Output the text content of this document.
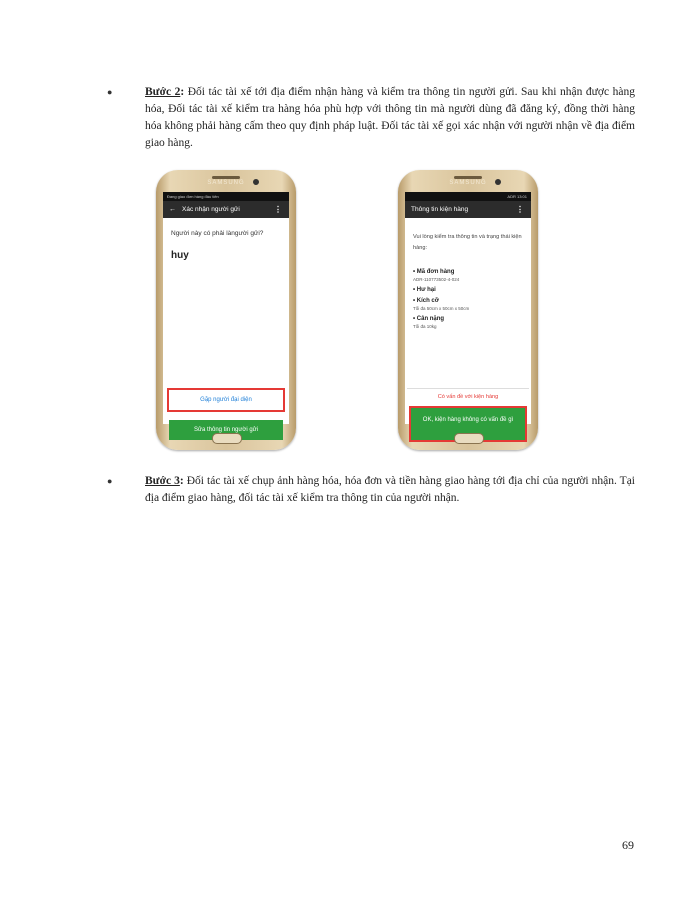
●	Bước 2: Đối tác tài xế tới địa điểm nhận hàng và kiểm tra thông tin người gửi. Sau khi nhận được hàng hóa, Đối tác tài xế kiểm tra hàng hóa phù hợp với thông tin mà người dùng đã đăng ký, đồng thời hàng hóa không phải hàng cấm theo quy định pháp luật. Đối tác tài xế gọi xác nhận với người nhận về địa điểm giao hàng.
SAMSUNG
Đang giao đơn hàng đầu tiên
← Xác nhận người gửi	⋮
Người này có phải làngười gửi?
huy
Gặp người đại diện
Sửa thông tin người gửi
SAMSUNG
ADR 13:01
Thông tin kiện hàng	⋮
Vui lòng kiểm tra thông tin và trạng thái kiện hàng:
• Mã đơn hàng
ADR-110773502-4-024
• Hư hại
• Kích cỡ
Tối đa 50cm x 50cm x 50cm
• Cân nặng
Tối đa 10kg
Có vấn đề với kiện hàng
OK, kiện hàng không có vấn đề gì
●	Bước 3: Đối tác tài xế chụp ảnh hàng hóa, hóa đơn và tiền hàng giao hàng tới địa chỉ của người nhận. Tại địa điểm giao hàng, đối tác tài xế kiểm tra thông tin của người nhận.
69
